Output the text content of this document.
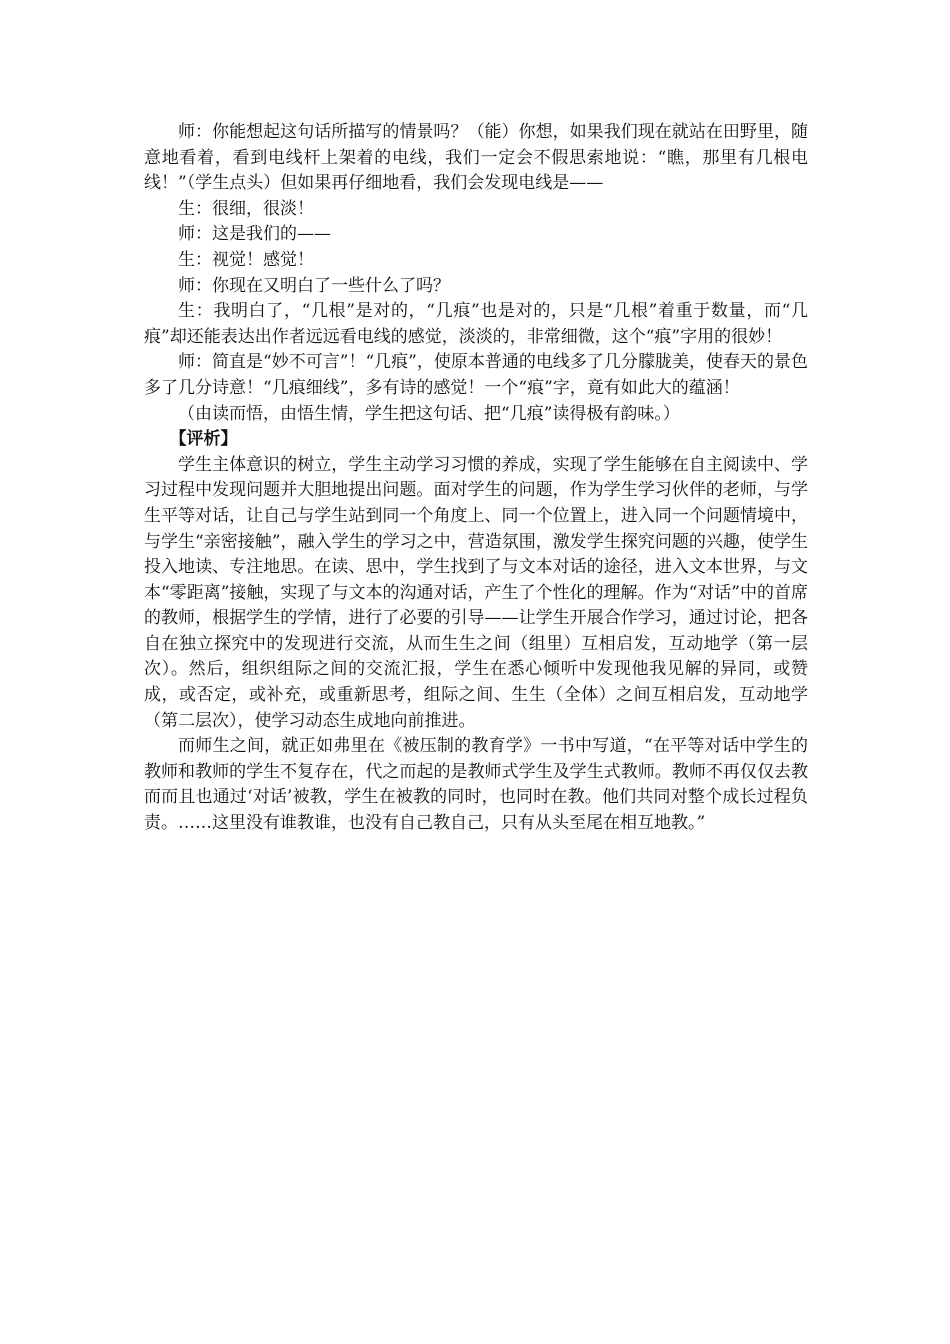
师：你能想起这句话所描写的情景吗？（能）你想，如果我们现在就站在田野里，随意地看着，看到电线杆上架着的电线，我们一定会不假思索地说：“瞧，那里有几根电线！”（学生点头）但如果再仔细地看，我们会发现电线是——

生：很细，很淡！

师：这是我们的——

生：视觉！感觉！

师：你现在又明白了一些什么了吗？

生：我明白了，“几根”是对的，“几痕”也是对的，只是“几根”着重于数量，而“几痕”却还能表达出作者远远看电线的感觉，淡淡的，非常细微，这个“痕”字用的很妙！

师：简直是“妙不可言”！“几痕”，使原本普通的电线多了几分朦胧美，使春天的景色多了几分诗意！“几痕细线”，多有诗的感觉！一个“痕”字，竟有如此大的蕴涵！

（由读而悟，由悟生情，学生把这句话、把“几痕”读得极有韵味。）

【评析】

学生主体意识的树立，学生主动学习习惯的养成，实现了学生能够在自主阅读中、学习过程中发现问题并大胆地提出问题。面对学生的问题，作为学生学习伙伴的老师，与学生平等对话，让自己与学生站到同一个角度上、同一个位置上，进入同一个问题情境中，与学生“亲密接触”，融入学生的学习之中，营造氛围，激发学生探究问题的兴趣，使学生投入地读、专注地思。在读、思中，学生找到了与文本对话的途径，进入文本世界，与文本“零距离”接触，实现了与文本的沟通对话，产生了个性化的理解。作为“对话”中的首席的教师，根据学生的学情，进行了必要的引导——让学生开展合作学习，通过讨论，把各自在独立探究中的发现进行交流，从而生生之间（组里）互相启发，互动地学（第一层次）。然后，组织组际之间的交流汇报，学生在悉心倾听中发现他我见解的异同，或赞成，或否定，或补充，或重新思考，组际之间、生生（全体）之间互相启发，互动地学（第二层次），使学习动态生成地向前推进。

而师生之间，就正如弗里在《被压制的教育学》一书中写道，“在平等对话中学生的教师和教师的学生不复存在，代之而起的是教师式学生及学生式教师。教师不再仅仅去教而而且也通过‘对话’被教，学生在被教的同时，也同时在教。他们共同对整个成长过程负责。……这里没有谁教谁，也没有自己教自己，只有从头至尾在相互地教。”
